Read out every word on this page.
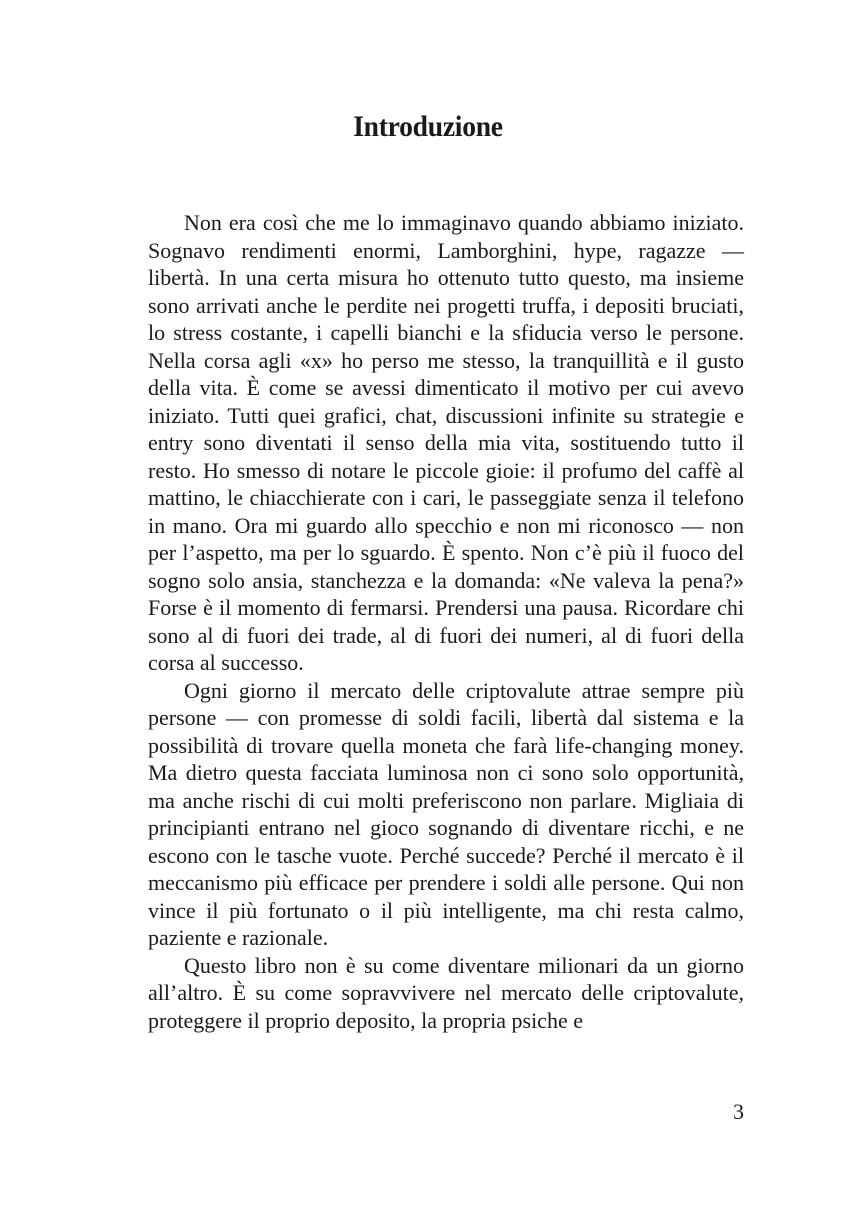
Introduzione

Non era così che me lo immaginavo quando abbiamo iniziato. Sognavo rendimenti enormi, Lamborghini, hype, ragazze — libertà. In una certa misura ho ottenuto tutto questo, ma insieme sono arrivati anche le perdite nei progetti truffa, i depositi bruciati, lo stress costante, i capelli bianchi e la sfiducia verso le persone. Nella corsa agli «x» ho perso me stesso, la tranquillità e il gusto della vita. È come se avessi dimenticato il motivo per cui avevo iniziato. Tutti quei grafici, chat, discussioni infinite su strategie e entry sono diventati il senso della mia vita, sostituendo tutto il resto. Ho smesso di notare le piccole gioie: il profumo del caffè al mattino, le chiacchierate con i cari, le passeggiate senza il telefono in mano. Ora mi guardo allo specchio e non mi riconosco — non per l’aspetto, ma per lo sguardo. È spento. Non c’è più il fuoco del sogno solo ansia, stanchezza e la domanda: «Ne valeva la pena?» Forse è il momento di fermarsi. Prendersi una pausa. Ricordare chi sono al di fuori dei trade, al di fuori dei numeri, al di fuori della corsa al successo.

Ogni giorno il mercato delle criptovalute attrae sempre più persone — con promesse di soldi facili, libertà dal sistema e la possibilità di trovare quella moneta che farà life‑changing money. Ma dietro questa facciata luminosa non ci sono solo opportunità, ma anche rischi di cui molti preferiscono non parlare. Migliaia di principianti entrano nel gioco sognando di diventare ricchi, e ne escono con le tasche vuote. Perché succede? Perché il mercato è il meccanismo più efficace per prendere i soldi alle persone. Qui non vince il più fortunato o il più intelligente, ma chi resta calmo, paziente e razionale.

Questo libro non è su come diventare milionari da un giorno all’altro. È su come sopravvivere nel mercato delle criptovalute, proteggere il proprio deposito, la propria psiche e

3
